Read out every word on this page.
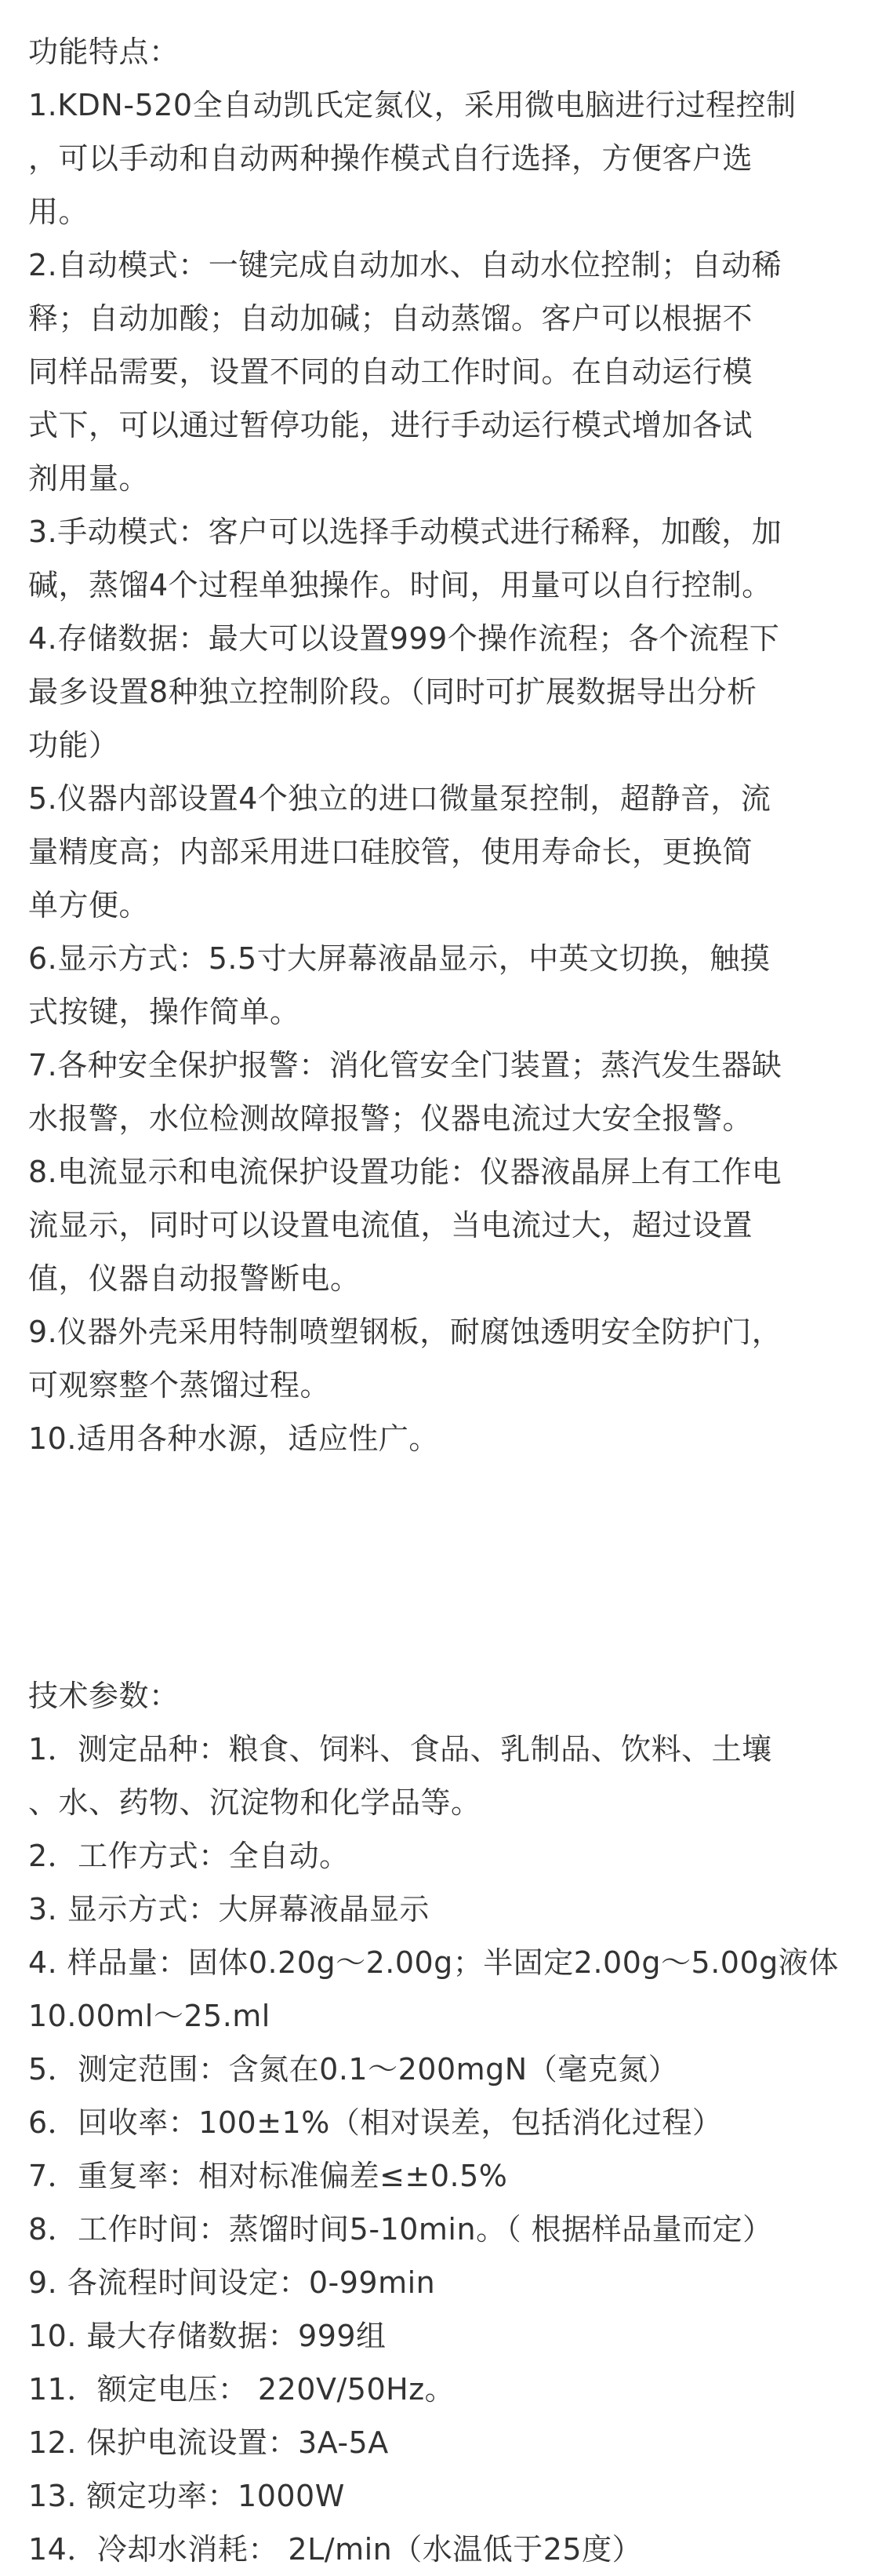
功能特点：
1.KDN-520全自动凯氏定氮仪，采用微电脑进行过程控制
，可以手动和自动两种操作模式自行选择，方便客户选
用。
2.自动模式：一键完成自动加水、自动水位控制；自动稀
释；自动加酸；自动加碱；自动蒸馏。客户可以根据不
同样品需要，设置不同的自动工作时间。在自动运行模
式下，可以通过暂停功能，进行手动运行模式增加各试
剂用量。
3.手动模式：客户可以选择手动模式进行稀释，加酸，加
碱，蒸馏4个过程单独操作。时间，用量可以自行控制。
4.存储数据：最大可以设置999个操作流程；各个流程下
最多设置8种独立控制阶段。（同时可扩展数据导出分析
功能）
5.仪器内部设置4个独立的进口微量泵控制，超静音，流
量精度高；内部采用进口硅胶管，使用寿命长，更换简
单方便。
6.显示方式：5.5寸大屏幕液晶显示，中英文切换，触摸
式按键，操作简单。
7.各种安全保护报警：消化管安全门装置；蒸汽发生器缺
水报警，水位检测故障报警；仪器电流过大安全报警。
8.电流显示和电流保护设置功能：仪器液晶屏上有工作电
流显示，同时可以设置电流值，当电流过大，超过设置
值，仪器自动报警断电。
9.仪器外壳采用特制喷塑钢板，耐腐蚀透明安全防护门，
可观察整个蒸馏过程。
10.适用各种水源，适应性广。
技术参数：
1．测定品种：粮食、饲料、食品、乳制品、饮料、土壤
、水、药物、沉淀物和化学品等。
2．工作方式：全自动。
3. 显示方式：大屏幕液晶显示
4. 样品量：固体0.20g～2.00g；半固定2.00g～5.00g液体
10.00ml～25.ml
5．测定范围：含氮在0.1～200mgN（毫克氮）
6．回收率：100±1%（相对误差，包括消化过程）
7．重复率：相对标准偏差≤±0.5%
8．工作时间：蒸馏时间5-10min。（ 根据样品量而定）
9. 各流程时间设定：0-99min
10. 最大存储数据：999组
11．额定电压： 220V/50Hz。
12. 保护电流设置：3A-5A
13. 额定功率：1000W
14．冷却水消耗： 2L/min（水温低于25度）
